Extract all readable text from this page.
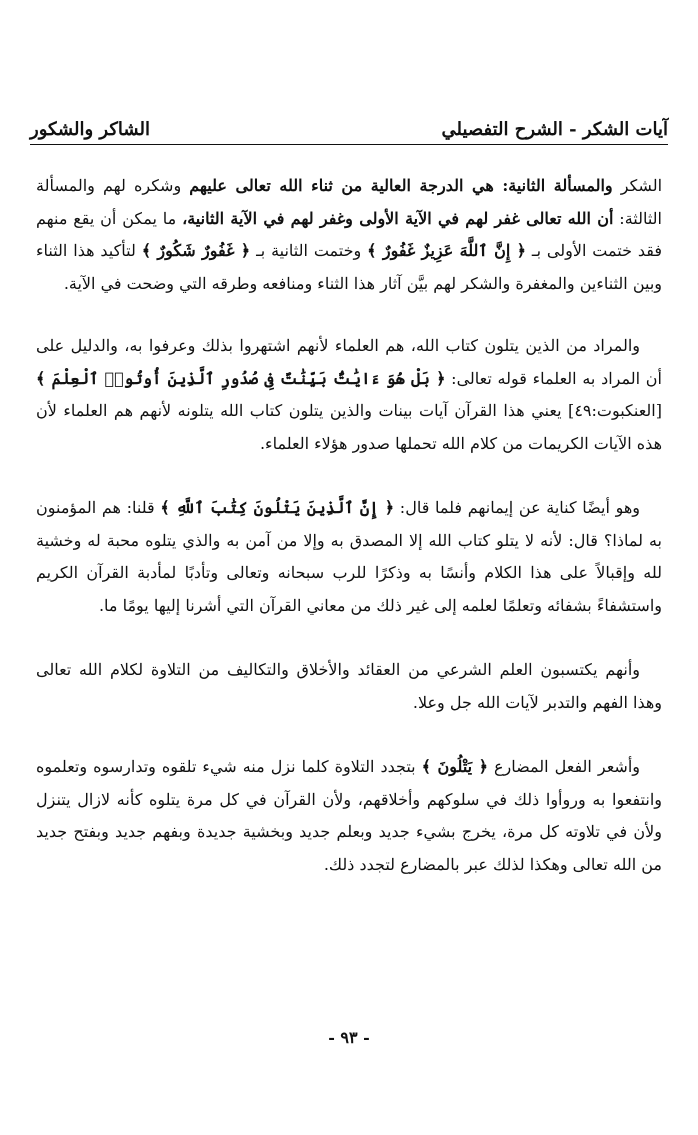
آيات الشكر - الشرح التفصيلي
الشاكر والشكور

الشكر والمسألة الثانية: هي الدرجة العالية من ثناء الله تعالى عليهم وشكره لهم والمسألة الثالثة: أن الله تعالى غفر لهم في الآية الأولى وغفر لهم في الآية الثانية، ما يمكن أن يقع منهم فقد ختمت الأولى بـ ﴿ إِنَّ ٱللَّهَ عَزِيزٌ غَفُورٌ ﴾ وختمت الثانية بـ ﴿ غَفُورٌ شَكُورٌ ﴾ لتأكيد هذا الثناء وبين الثناءين والمغفرة والشكر لهم بيَّن آثار هذا الثناء ومنافعه وطرقه التي وضحت في الآية.

والمراد من الذين يتلون كتاب الله، هم العلماء لأنهم اشتهروا بذلك وعرفوا به، والدليل على أن المراد به العلماء قوله تعالى: ﴿ بَلْ هُوَ ءَايَٰتٌۢ بَيِّنَٰتٌ فِى صُدُورِ ٱلَّذِينَ أُوتُوا۟ ٱلْعِلْمَ ﴾ [العنكبوت:٤٩] يعني هذا القرآن آيات بينات والذين يتلون كتاب الله يتلونه لأنهم هم العلماء لأن هذه الآيات الكريمات من كلام الله تحملها صدور هؤلاء العلماء.

وهو أيضًا كناية عن إيمانهم فلما قال: ﴿ إِنَّ ٱلَّذِينَ يَتْلُونَ كِتَٰبَ ٱللَّهِ ﴾ قلنا: هم المؤمنون به لماذا؟ قال: لأنه لا يتلو كتاب الله إلا المصدق به وإلا من آمن به والذي يتلوه محبة له وخشية لله وإقبالاً على هذا الكلام وأنسًا به وذكرًا للرب سبحانه وتعالى وتأدبًا لمأدبة القرآن الكريم واستشفاءً بشفائه وتعلمًا لعلمه إلى غير ذلك من معاني القرآن التي أشرنا إليها يومًا ما.

وأنهم يكتسبون العلم الشرعي من العقائد والأخلاق والتكاليف من التلاوة لكلام الله تعالى وهذا الفهم والتدبر لآيات الله جل وعلا.

وأشعر الفعل المضارع ﴿ يَتْلُونَ ﴾ بتجدد التلاوة كلما نزل منه شيء تلقوه وتدارسوه وتعلموه وانتفعوا به وروأوا ذلك في سلوكهم وأخلاقهم، ولأن القرآن في كل مرة يتلوه كأنه لازال يتنزل ولأن في تلاوته كل مرة، يخرج بشيء جديد وبعلم جديد وبخشية جديدة وبفهم جديد وبفتح جديد من الله تعالى وهكذا لذلك عبر بالمضارع لتجدد ذلك.

- ٩٣ -
